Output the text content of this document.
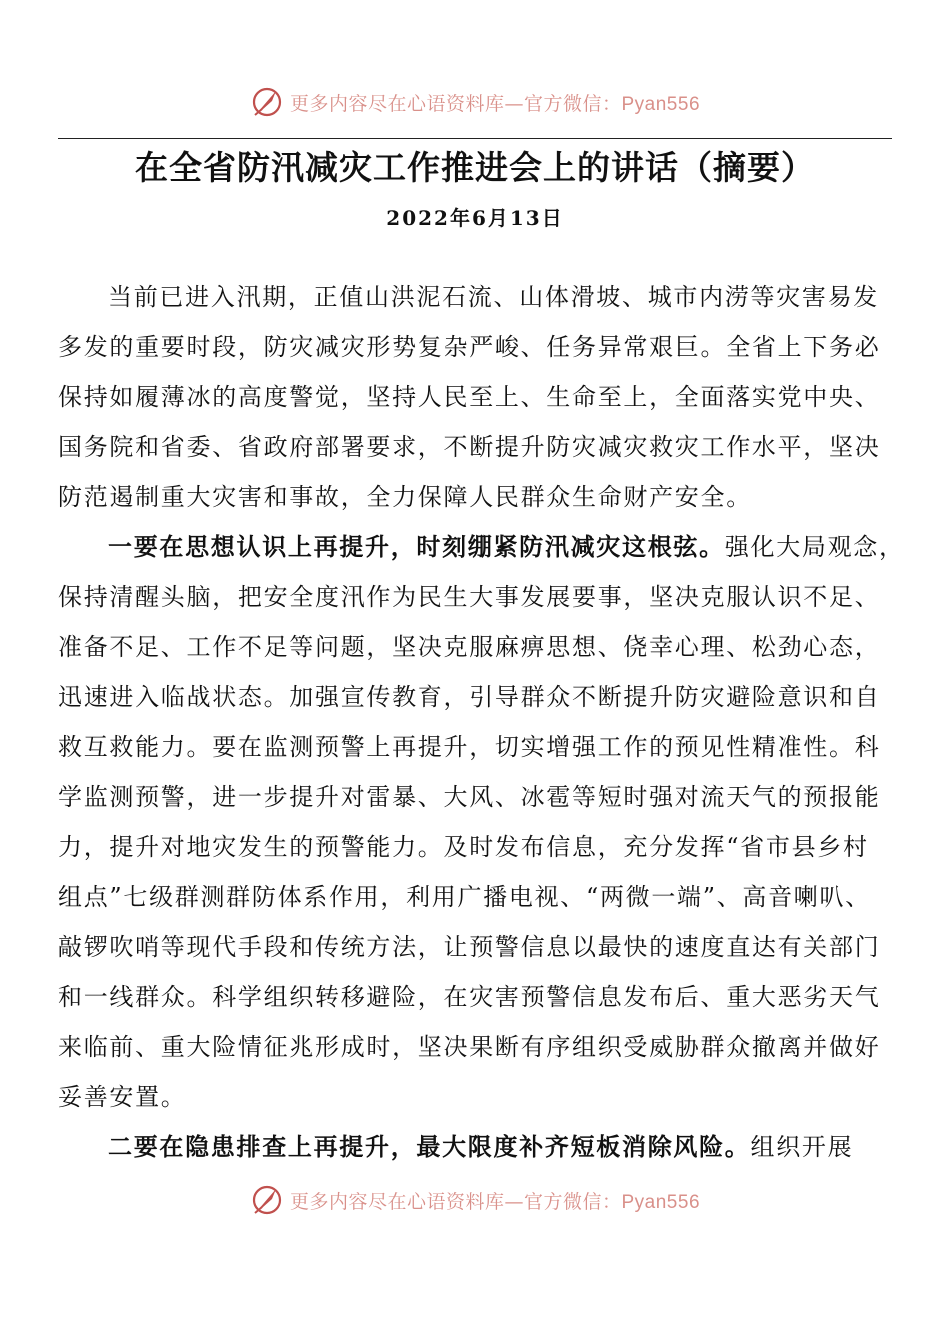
更多内容尽在心语资料库—官方微信：Pyan556
在全省防汛减灾工作推进会上的讲话（摘要）
2022年6月13日
当前已进入汛期，正值山洪泥石流、山体滑坡、城市内涝等灾害易发
多发的重要时段，防灾减灾形势复杂严峻、任务异常艰巨。全省上下务必
保持如履薄冰的高度警觉，坚持人民至上、生命至上，全面落实党中央、
国务院和省委、省政府部署要求，不断提升防灾减灾救灾工作水平，坚决
防范遏制重大灾害和事故，全力保障人民群众生命财产安全。
一要在思想认识上再提升，时刻绷紧防汛减灾这根弦。强化大局观念，
保持清醒头脑，把安全度汛作为民生大事发展要事，坚决克服认识不足、
准备不足、工作不足等问题，坚决克服麻痹思想、侥幸心理、松劲心态，
迅速进入临战状态。加强宣传教育，引导群众不断提升防灾避险意识和自
救互救能力。要在监测预警上再提升，切实增强工作的预见性精准性。科
学监测预警，进一步提升对雷暴、大风、冰雹等短时强对流天气的预报能
力，提升对地灾发生的预警能力。及时发布信息，充分发挥“省市县乡村
组点”七级群测群防体系作用，利用广播电视、“两微一端”、高音喇叭、
敲锣吹哨等现代手段和传统方法，让预警信息以最快的速度直达有关部门
和一线群众。科学组织转移避险，在灾害预警信息发布后、重大恶劣天气
来临前、重大险情征兆形成时，坚决果断有序组织受威胁群众撤离并做好
妥善安置。
二要在隐患排查上再提升，最大限度补齐短板消除风险。组织开展
更多内容尽在心语资料库—官方微信：Pyan556
